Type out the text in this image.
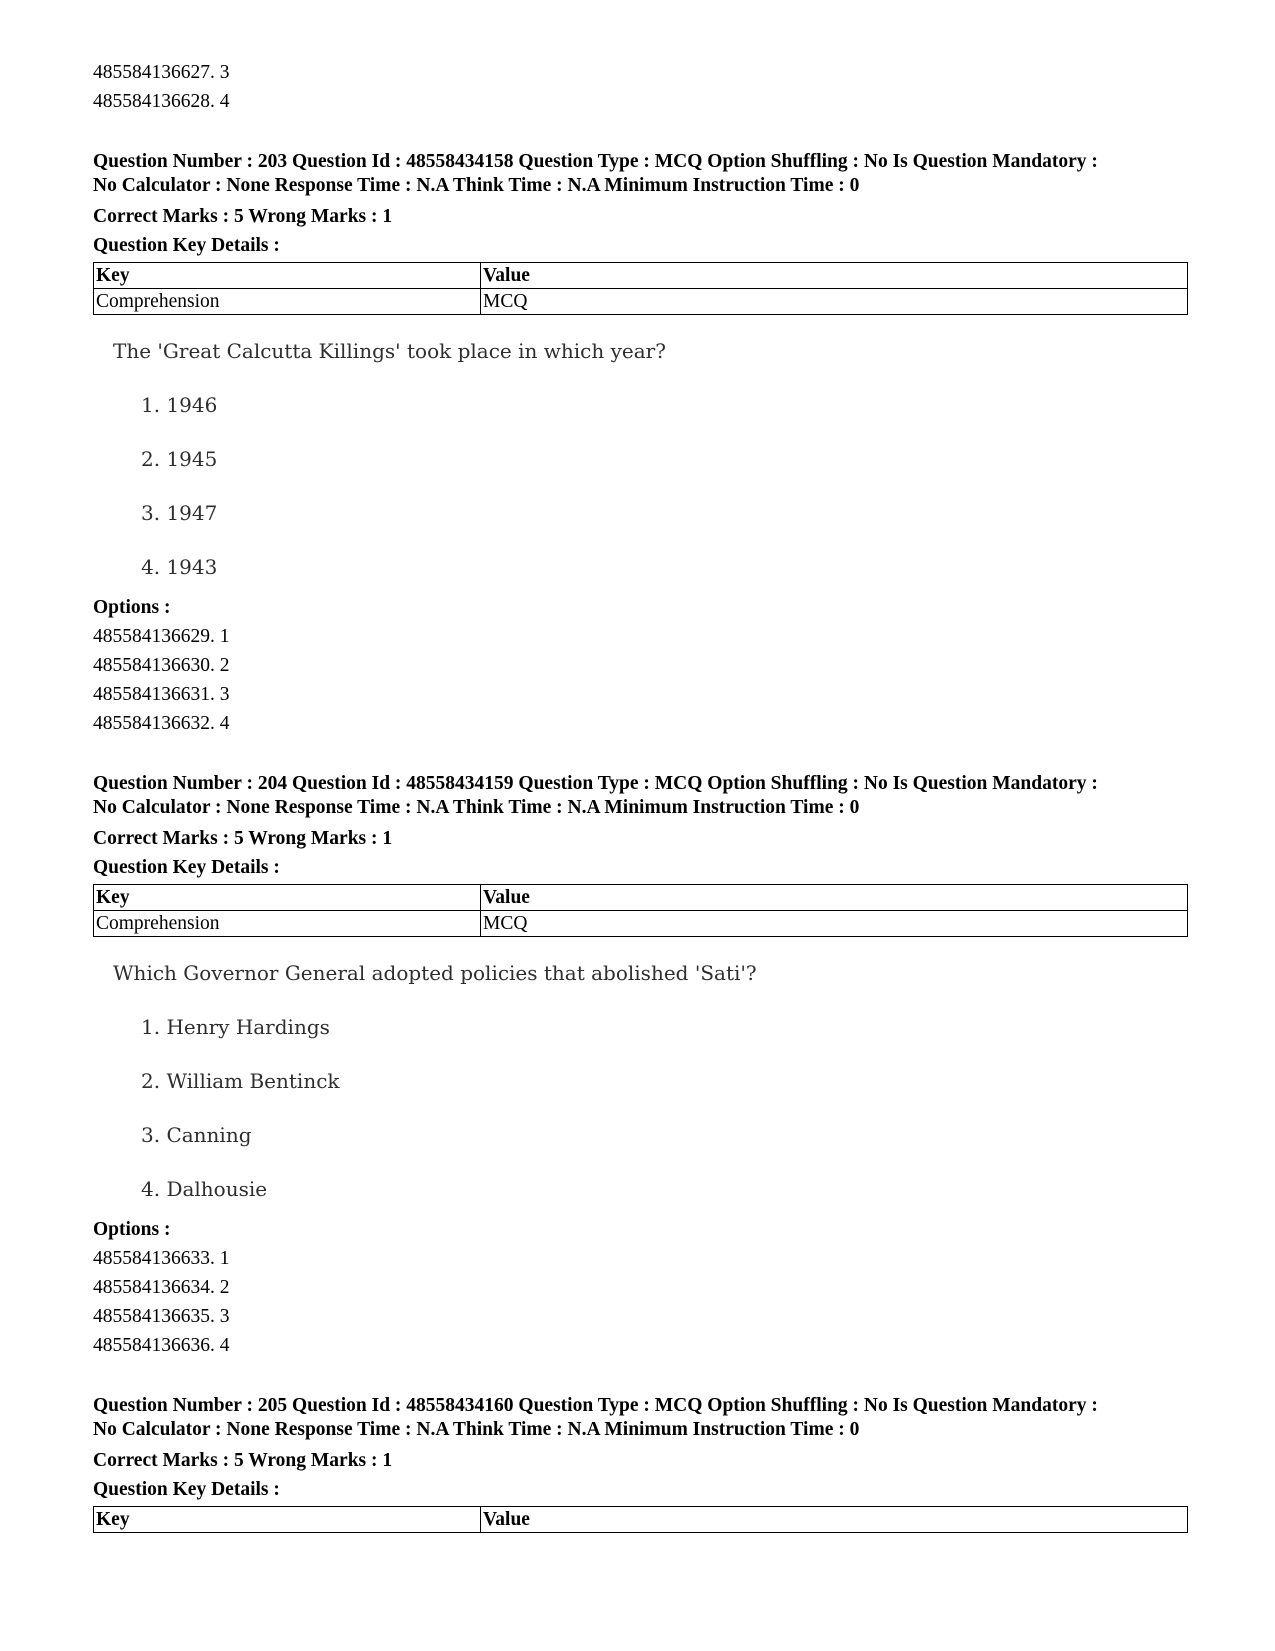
485584136627. 3
485584136628. 4
Question Number : 203 Question Id : 48558434158 Question Type : MCQ Option Shuffling : No Is Question Mandatory :
No Calculator : None Response Time : N.A Think Time : N.A Minimum Instruction Time : 0
Correct Marks : 5 Wrong Marks : 1
Question Key Details :
Key	Value
Comprehension	MCQ
The 'Great Calcutta Killings' took place in which year?
1. 1946
2. 1945
3. 1947
4. 1943
Options :
485584136629. 1
485584136630. 2
485584136631. 3
485584136632. 4
Question Number : 204 Question Id : 48558434159 Question Type : MCQ Option Shuffling : No Is Question Mandatory :
No Calculator : None Response Time : N.A Think Time : N.A Minimum Instruction Time : 0
Correct Marks : 5 Wrong Marks : 1
Question Key Details :
Key	Value
Comprehension	MCQ
Which Governor General adopted policies that abolished 'Sati'?
1. Henry Hardings
2. William Bentinck
3. Canning
4. Dalhousie
Options :
485584136633. 1
485584136634. 2
485584136635. 3
485584136636. 4
Question Number : 205 Question Id : 48558434160 Question Type : MCQ Option Shuffling : No Is Question Mandatory :
No Calculator : None Response Time : N.A Think Time : N.A Minimum Instruction Time : 0
Correct Marks : 5 Wrong Marks : 1
Question Key Details :
Key	Value
